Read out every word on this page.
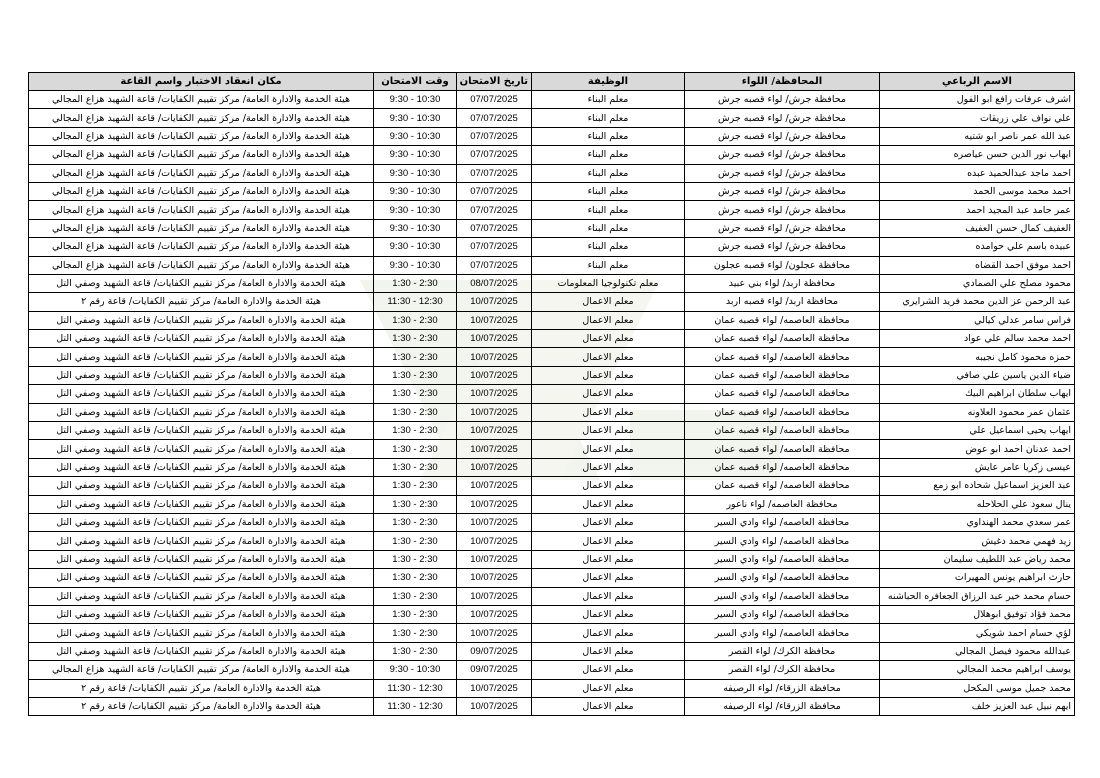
الاسم الرباعي	المحافظة/ اللواء	الوظيفة	تاريخ الامتحان	وقت الامتحان	مكان انعقاد الاختبار واسم القاعة
اشرف عرفات رافع ابو الفول	محافظة جرش/ لواء قصبه جرش	معلم البناء	07/07/2025	9:30 - 10:30	هيئة الخدمة والادارة العامة/ مركز تقييم الكفايات/ قاعة الشهيد هزاع المجالي
علي نواف علي زريقات	محافظة جرش/ لواء قصبه جرش	معلم البناء	07/07/2025	9:30 - 10:30	هيئة الخدمة والادارة العامة/ مركز تقييم الكفايات/ قاعة الشهيد هزاع المجالي
عبد الله عمر ناصر ابو شتيه	محافظة جرش/ لواء قصبه جرش	معلم البناء	07/07/2025	9:30 - 10:30	هيئة الخدمة والادارة العامة/ مركز تقييم الكفايات/ قاعة الشهيد هزاع المجالي
ايهاب نور الدين حسن عياصره	محافظة جرش/ لواء قصبه جرش	معلم البناء	07/07/2025	9:30 - 10:30	هيئة الخدمة والادارة العامة/ مركز تقييم الكفايات/ قاعة الشهيد هزاع المجالي
احمد ماجد عبدالحميد عبده	محافظة جرش/ لواء قصبه جرش	معلم البناء	07/07/2025	9:30 - 10:30	هيئة الخدمة والادارة العامة/ مركز تقييم الكفايات/ قاعة الشهيد هزاع المجالي
احمد محمد موسى الحمد	محافظة جرش/ لواء قصبه جرش	معلم البناء	07/07/2025	9:30 - 10:30	هيئة الخدمة والادارة العامة/ مركز تقييم الكفايات/ قاعة الشهيد هزاع المجالي
عمر حامد عبد المجيد احمد	محافظة جرش/ لواء قصبه جرش	معلم البناء	07/07/2025	9:30 - 10:30	هيئة الخدمة والادارة العامة/ مركز تقييم الكفايات/ قاعة الشهيد هزاع المجالي
العفيف كمال حسن العفيف	محافظة جرش/ لواء قصبه جرش	معلم البناء	07/07/2025	9:30 - 10:30	هيئة الخدمة والادارة العامة/ مركز تقييم الكفايات/ قاعة الشهيد هزاع المجالي
عبيده باسم علي حوامده	محافظة جرش/ لواء قصبه جرش	معلم البناء	07/07/2025	9:30 - 10:30	هيئة الخدمة والادارة العامة/ مركز تقييم الكفايات/ قاعة الشهيد هزاع المجالي
احمد موفق احمد القضاه	محافظة عجلون/ لواء قصبه عجلون	معلم البناء	07/07/2025	9:30 - 10:30	هيئة الخدمة والادارة العامة/ مركز تقييم الكفايات/ قاعة الشهيد هزاع المجالي
محمود مصلح علي الصمادي	محافظة اربد/ لواء بني عبيد	معلم تكنولوجيا المعلومات	08/07/2025	1:30 - 2:30	هيئة الخدمة والادارة العامة/ مركز تقييم الكفايات/ قاعة الشهيد وصفي التل
عبد الرحمن عز الدين محمد فريد الشرايري	محافظة اربد/ لواء قصبه اربد	معلم الاعمال	10/07/2025	11:30 - 12:30	هيئة الخدمة والادارة العامة/ مركز تقييم الكفايات/ قاعة رقم ٢
فراس سامر عدلي كيالي	محافظة العاصمه/ لواء قصبه عمان	معلم الاعمال	10/07/2025	1:30 - 2:30	هيئة الخدمة والادارة العامة/ مركز تقييم الكفايات/ قاعة الشهيد وصفي التل
احمد محمد سالم علي عواد	محافظة العاصمه/ لواء قصبه عمان	معلم الاعمال	10/07/2025	1:30 - 2:30	هيئة الخدمة والادارة العامة/ مركز تقييم الكفايات/ قاعة الشهيد وصفي التل
حمزه محمود كامل نجيبه	محافظة العاصمه/ لواء قصبه عمان	معلم الاعمال	10/07/2025	1:30 - 2:30	هيئة الخدمة والادارة العامة/ مركز تقييم الكفايات/ قاعة الشهيد وصفي التل
ضياء الدين ياسين علي صافي	محافظة العاصمه/ لواء قصبه عمان	معلم الاعمال	10/07/2025	1:30 - 2:30	هيئة الخدمة والادارة العامة/ مركز تقييم الكفايات/ قاعة الشهيد وصفي التل
ايهاب سلطان ابراهيم البيك	محافظة العاصمه/ لواء قصبه عمان	معلم الاعمال	10/07/2025	1:30 - 2:30	هيئة الخدمة والادارة العامة/ مركز تقييم الكفايات/ قاعة الشهيد وصفي التل
عثمان عمر محمود العلاونه	محافظة العاصمه/ لواء قصبه عمان	معلم الاعمال	10/07/2025	1:30 - 2:30	هيئة الخدمة والادارة العامة/ مركز تقييم الكفايات/ قاعة الشهيد وصفي التل
ايهاب يحيى اسماعيل علي	محافظة العاصمه/ لواء قصبه عمان	معلم الاعمال	10/07/2025	1:30 - 2:30	هيئة الخدمة والادارة العامة/ مركز تقييم الكفايات/ قاعة الشهيد وصفي التل
احمد عدنان احمد ابو عوض	محافظة العاصمه/ لواء قصبه عمان	معلم الاعمال	10/07/2025	1:30 - 2:30	هيئة الخدمة والادارة العامة/ مركز تقييم الكفايات/ قاعة الشهيد وصفي التل
عيسى زكريا عامر عايش	محافظة العاصمه/ لواء قصبه عمان	معلم الاعمال	10/07/2025	1:30 - 2:30	هيئة الخدمة والادارة العامة/ مركز تقييم الكفايات/ قاعة الشهيد وصفي التل
عبد العزيز اسماعيل شحاده ابو زمع	محافظة العاصمه/ لواء قصبه عمان	معلم الاعمال	10/07/2025	1:30 - 2:30	هيئة الخدمة والادارة العامة/ مركز تقييم الكفايات/ قاعة الشهيد وصفي التل
ينال سعود علي الحلاحله	محافظة العاصمه/ لواء ناعور	معلم الاعمال	10/07/2025	1:30 - 2:30	هيئة الخدمة والادارة العامة/ مركز تقييم الكفايات/ قاعة الشهيد وصفي التل
عمر سعدي محمد الهنداوي	محافظة العاصمه/ لواء وادي السير	معلم الاعمال	10/07/2025	1:30 - 2:30	هيئة الخدمة والادارة العامة/ مركز تقييم الكفايات/ قاعة الشهيد وصفي التل
زيد فهمي محمد دغيش	محافظة العاصمه/ لواء وادي السير	معلم الاعمال	10/07/2025	1:30 - 2:30	هيئة الخدمة والادارة العامة/ مركز تقييم الكفايات/ قاعة الشهيد وصفي التل
محمد رياض عبد اللطيف سليمان	محافظة العاصمه/ لواء وادي السير	معلم الاعمال	10/07/2025	1:30 - 2:30	هيئة الخدمة والادارة العامة/ مركز تقييم الكفايات/ قاعة الشهيد وصفي التل
حارث ابراهيم يونس المهيرات	محافظة العاصمه/ لواء وادي السير	معلم الاعمال	10/07/2025	1:30 - 2:30	هيئة الخدمة والادارة العامة/ مركز تقييم الكفايات/ قاعة الشهيد وصفي التل
حسام محمد خير عبد الرزاق الجعافره الحباشنه	محافظة العاصمه/ لواء وادي السير	معلم الاعمال	10/07/2025	1:30 - 2:30	هيئة الخدمة والادارة العامة/ مركز تقييم الكفايات/ قاعة الشهيد وصفي التل
محمد فؤاد توفيق ابوهلال	محافظة العاصمه/ لواء وادي السير	معلم الاعمال	10/07/2025	1:30 - 2:30	هيئة الخدمة والادارة العامة/ مركز تقييم الكفايات/ قاعة الشهيد وصفي التل
لؤي حسام احمد شويكي	محافظة العاصمه/ لواء وادي السير	معلم الاعمال	10/07/2025	1:30 - 2:30	هيئة الخدمة والادارة العامة/ مركز تقييم الكفايات/ قاعة الشهيد وصفي التل
عبدالله محمود فيصل المجالي	محافظة الكرك/ لواء القصر	معلم الاعمال	09/07/2025	1:30 - 2:30	هيئة الخدمة والادارة العامة/ مركز تقييم الكفايات/ قاعة الشهيد وصفي التل
يوسف ابراهيم محمد المجالي	محافظة الكرك/ لواء القصر	معلم الاعمال	09/07/2025	9:30 - 10:30	هيئة الخدمة والادارة العامة/ مركز تقييم الكفايات/ قاعة الشهيد هزاع المجالي
محمد جميل موسى المكحل	محافظة الزرقاء/ لواء الرصيفه	معلم الاعمال	10/07/2025	11:30 - 12:30	هيئة الخدمة والادارة العامة/ مركز تقييم الكفايات/ قاعة رقم ٢
ايهم نبيل عبد العزيز خلف	محافظة الزرقاء/ لواء الرصيفه	معلم الاعمال	10/07/2025	11:30 - 12:30	هيئة الخدمة والادارة العامة/ مركز تقييم الكفايات/ قاعة رقم ٢
